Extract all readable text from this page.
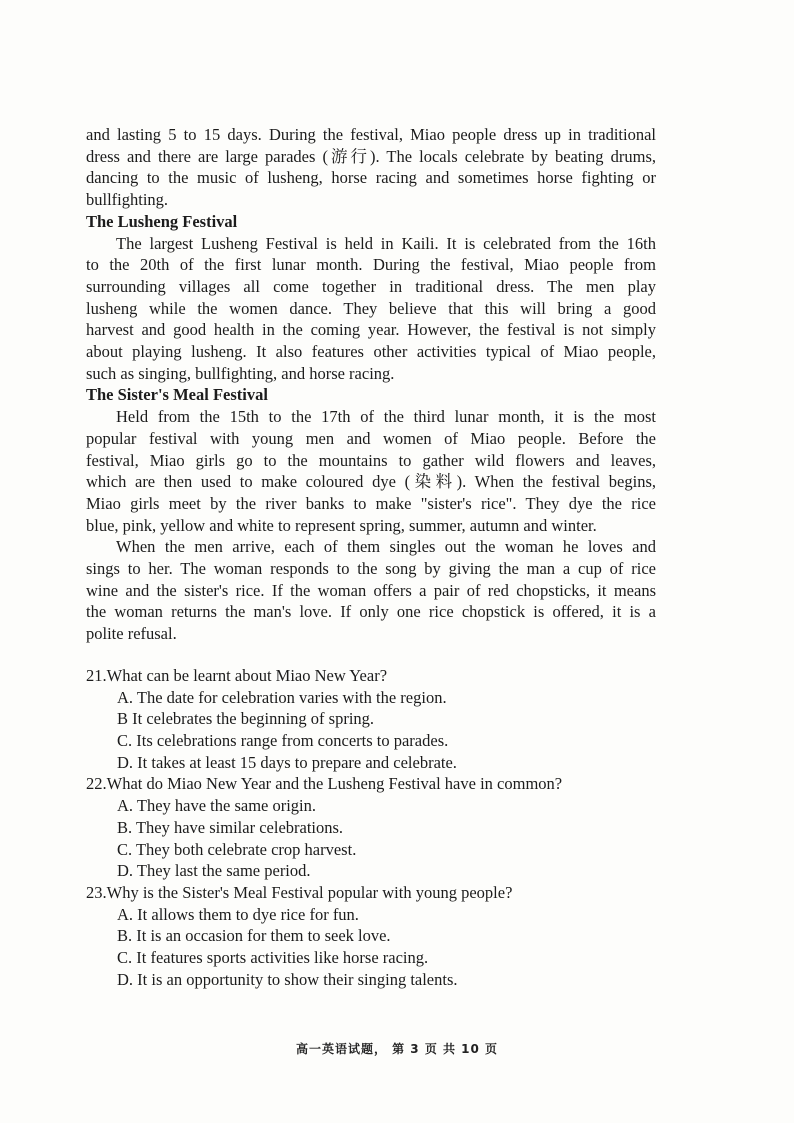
and lasting 5 to 15 days. During the festival, Miao people dress up in traditional
dress and there are large parades (游行). The locals celebrate by beating drums,
dancing to the music of lusheng, horse racing and sometimes horse fighting or
bullfighting.
The Lusheng Festival
The largest Lusheng Festival is held in Kaili. It is celebrated from the 16th
to the 20th of the first lunar month. During the festival, Miao people from
surrounding villages all come together in traditional dress. The men play
lusheng while the women dance. They believe that this will bring a good
harvest and good health in the coming year. However, the festival is not simply
about playing lusheng. It also features other activities typical of Miao people,
such as singing, bullfighting, and horse racing.
The Sister's Meal Festival
Held from the 15th to the 17th of the third lunar month, it is the most
popular festival with young men and women of Miao people. Before the
festival, Miao girls go to the mountains to gather wild flowers and leaves,
which are then used to make coloured dye (染料). When the festival begins,
Miao girls meet by the river banks to make "sister's rice". They dye the rice
blue, pink, yellow and white to represent spring, summer, autumn and winter.
When the men arrive, each of them singles out the woman he loves and
sings to her. The woman responds to the song by giving the man a cup of rice
wine and the sister's rice. If the woman offers a pair of red chopsticks, it means
the woman returns the man's love. If only one rice chopstick is offered, it is a
polite refusal.
21.What can be learnt about Miao New Year?
A. The date for celebration varies with the region.
B It celebrates the beginning of spring.
C. Its celebrations range from concerts to parades.
D. It takes at least 15 days to prepare and celebrate.
22.What do Miao New Year and the Lusheng Festival have in common?
A. They have the same origin.
B. They have similar celebrations.
C. They both celebrate crop harvest.
D. They last the same period.
23.Why is the Sister's Meal Festival popular with young people?
A. It allows them to dye rice for fun.
B. It is an occasion for them to seek love.
C. It features sports activities like horse racing.
D. It is an opportunity to show their singing talents.
高一英语试题， 第 3 页 共 10 页
